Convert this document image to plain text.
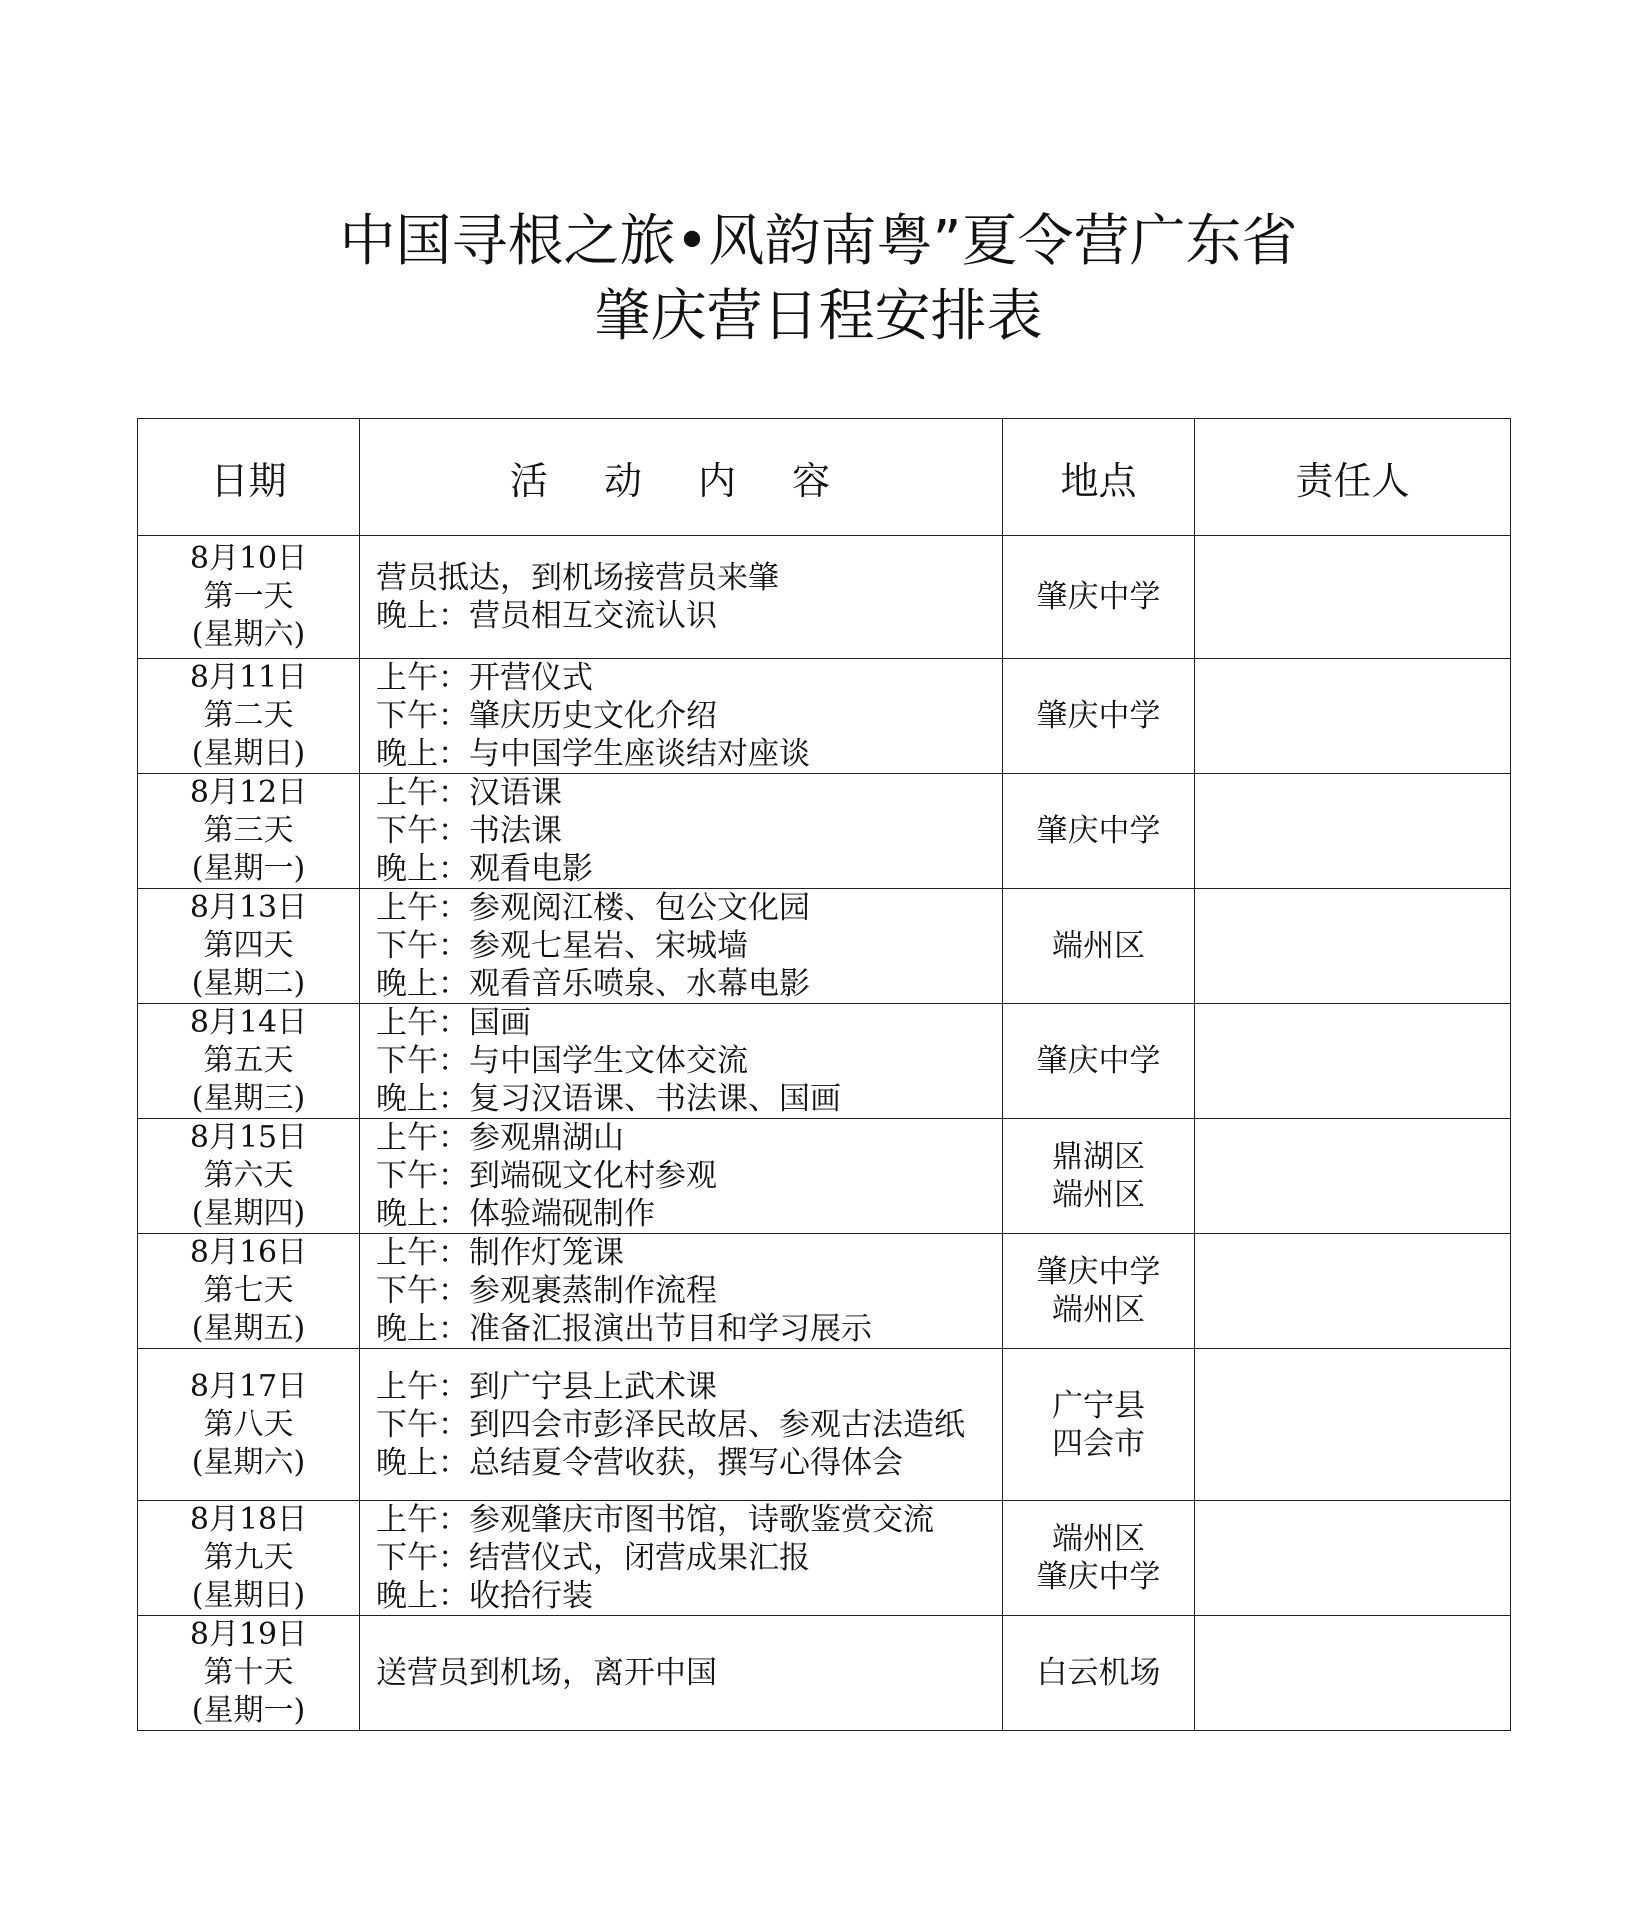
中国寻根之旅•风韵南粤”夏令营广东省
肇庆营日程安排表
日期	活 动 内 容	地点	责任人

8月10日
第一天
(星期六)	营员抵达，到机场接营员来肇
晚上：营员相互交流认识	肇庆中学	

8月11日
第二天
(星期日)	上午：开营仪式
下午：肇庆历史文化介绍
晚上：与中国学生座谈结对座谈	肇庆中学	

8月12日
第三天
(星期一)	上午：汉语课
下午：书法课
晚上：观看电影	肇庆中学	

8月13日
第四天
(星期二)	上午：参观阅江楼、包公文化园
下午：参观七星岩、宋城墙
晚上：观看音乐喷泉、水幕电影	端州区	

8月14日
第五天
(星期三)	上午：国画
下午：与中国学生文体交流
晚上：复习汉语课、书法课、国画	肇庆中学	

8月15日
第六天
(星期四)	上午：参观鼎湖山
下午：到端砚文化村参观
晚上：体验端砚制作	鼎湖区
端州区	

8月16日
第七天
(星期五)	上午：制作灯笼课
下午：参观裹蒸制作流程
晚上：准备汇报演出节目和学习展示	肇庆中学
端州区	

8月17日
第八天
(星期六)	上午：到广宁县上武术课
下午：到四会市彭泽民故居、参观古法造纸
晚上：总结夏令营收获，撰写心得体会	广宁县
四会市	

8月18日
第九天
(星期日)	上午：参观肇庆市图书馆，诗歌鉴赏交流
下午：结营仪式，闭营成果汇报
晚上：收拾行装	端州区
肇庆中学	

8月19日
第十天
(星期一)	送营员到机场，离开中国	白云机场	
